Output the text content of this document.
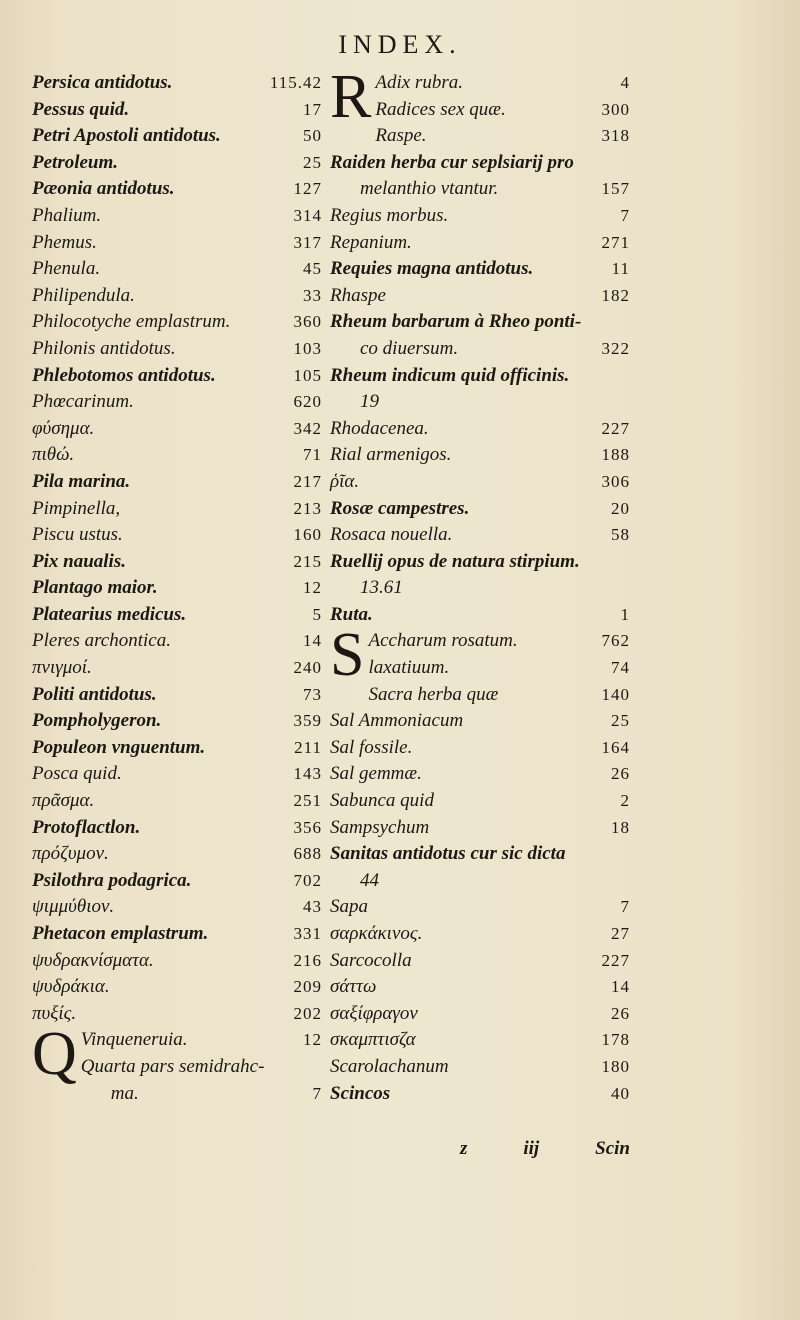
INDEX.
Persica antidotus.	115.42
Pessus quid.	17
Petri Apostoli antidotus.	50
Petroleum.	25
Pæonia antidotus.	127
Phalium.	314
Phemus.	317
Phenula.	45
Philipendula.	33
Philocotyche emplastrum.	360
Philonis antidotus.	103
Phlebotomos antidotus.	105
Phœcarinum.	620
φύσημα.	342
πιθώ.	71
Pila marina.	217
Pimpinella,	213
Piscu ustus.	160
Pix naualis.	215
Plantago maior.	12
Platearius medicus.	5
Pleres archontica.	14
πνιγμοί.	240
Politi antidotus.	73
Pompholygeron.	359
Populeon vnguentum.	211
Posca quid.	143
πρᾶσμα.	251
Protoflactlon.	356
πρόζυμον.	688
Psilothra podagrica.	702
ψιμμύθιον.	43
Phetacon emplastrum.	331
ψυδρακνίσματα.	216
ψυδράκια.	209
πυξίς.	202
Q Vinqueneruia.	12
Quarta pars semidrahc-
ma.	7
R Adix rubra.	4
Radices sex quæ.	300
Raspe.	318
Raiden herba cur seplsiarij pro
melanthio vtantur.	157
Regius morbus.	7
Repanium.	271
Requies magna antidotus.	11
Rhaspe	182
Rheum barbarum à Rheo ponti-
co diuersum.	322
Rheum indicum quid officinis.
19
Rhodacenea.	227
Rial armenigos.	188
ῥῖα.	306
Rosæ campestres.	20
Rosaca nouella.	58
Ruellij opus de natura stirpium.
13.61
Ruta.	1
S Accharum rosatum.	762
laxatiuum.	74
Sacra herba quæ	140
Sal Ammoniacum	25
Sal fossile.	164
Sal gemmæ.	26
Sabunca quid	2
Sampsychum	18
Sanitas antidotus cur sic dicta
44
Sapa	7
σαρκάκινος.	27
Sarcocolla	227
σάττω	14
σαξίφραγον	26
σκαμπτισζα	178
Scarolachanum	180
Scincos	40
z	iij	Scin
